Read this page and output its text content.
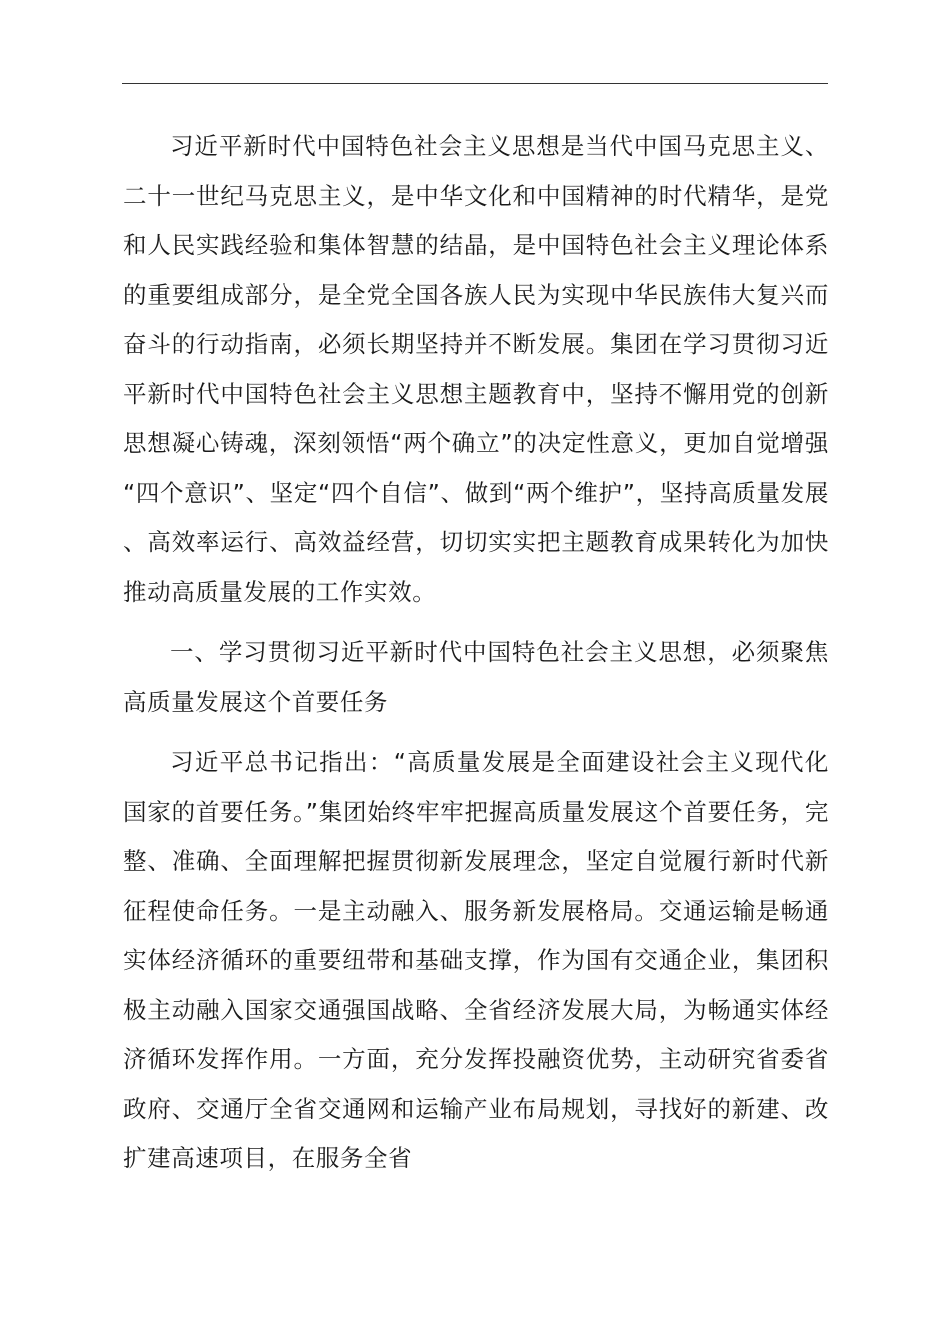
习近平新时代中国特色社会主义思想是当代中国马克思主义、二十一世纪马克思主义，是中华文化和中国精神的时代精华，是党和人民实践经验和集体智慧的结晶，是中国特色社会主义理论体系的重要组成部分，是全党全国各族人民为实现中华民族伟大复兴而奋斗的行动指南，必须长期坚持并不断发展。集团在学习贯彻习近平新时代中国特色社会主义思想主题教育中，坚持不懈用党的创新思想凝心铸魂，深刻领悟“两个确立”的决定性意义，更加自觉增强“四个意识”、坚定“四个自信”、做到“两个维护”，坚持高质量发展、高效率运行、高效益经营，切切实实把主题教育成果转化为加快推动高质量发展的工作实效。

一、学习贯彻习近平新时代中国特色社会主义思想，必须聚焦高质量发展这个首要任务

习近平总书记指出：“高质量发展是全面建设社会主义现代化国家的首要任务。”集团始终牢牢把握高质量发展这个首要任务，完整、准确、全面理解把握贯彻新发展理念，坚定自觉履行新时代新征程使命任务。一是主动融入、服务新发展格局。交通运输是畅通实体经济循环的重要纽带和基础支撑，作为国有交通企业，集团积极主动融入国家交通强国战略、全省经济发展大局，为畅通实体经济循环发挥作用。一方面，充分发挥投融资优势，主动研究省委省政府、交通厅全省交通网和运输产业布局规划，寻找好的新建、改扩建高速项目，在服务全省
